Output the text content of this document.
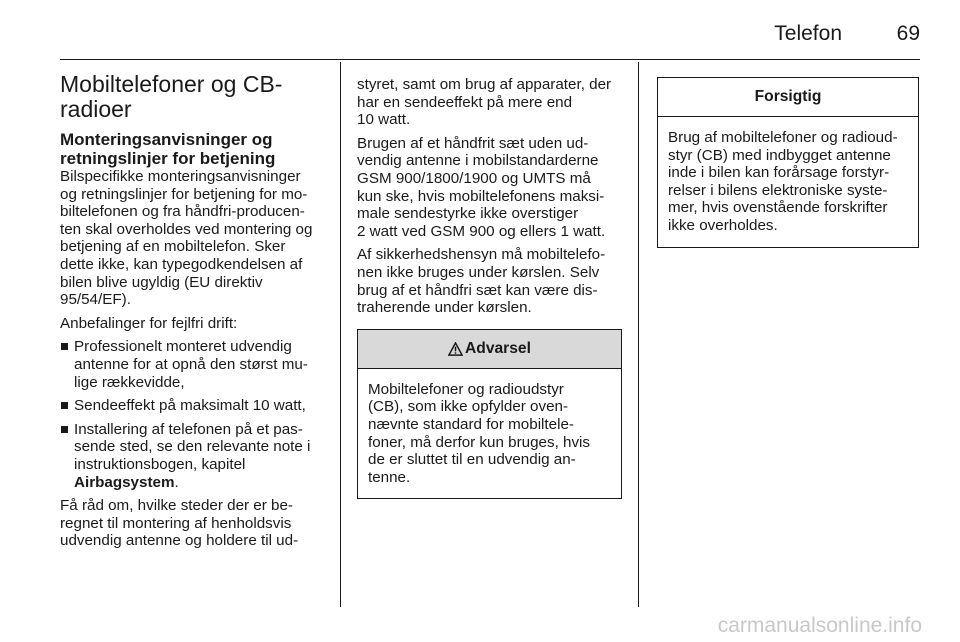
Telefon	69
Mobiltelefoner og CB-
radioer
Monteringsanvisninger og
retningslinjer for betjening
Bilspecifikke monteringsanvisninger
og retningslinjer for betjening for mo-
biltelefonen og fra håndfri-producen-
ten skal overholdes ved montering og
betjening af en mobiltelefon. Sker
dette ikke, kan typegodkendelsen af
bilen blive ugyldig (EU direktiv
95/54/EF).
Anbefalinger for fejlfri drift:
Professionelt monteret udvendig
antenne for at opnå den størst mu-
lige rækkevidde,
Sendeeffekt på maksimalt 10 watt,
Installering af telefonen på et pas-
sende sted, se den relevante note i
instruktionsbogen, kapitel
Airbagsystem.
Få råd om, hvilke steder der er be-
regnet til montering af henholdsvis
udvendig antenne og holdere til ud-
styret, samt om brug af apparater, der
har en sendeeffekt på mere end
10 watt.
Brugen af et håndfrit sæt uden ud-
vendig antenne i mobilstandarderne
GSM 900/1800/1900 og UMTS må
kun ske, hvis mobiltelefonens maksi-
male sendestyrke ikke overstiger
2 watt ved GSM 900 og ellers 1 watt.
Af sikkerhedshensyn må mobiltelefo-
nen ikke bruges under kørslen. Selv
brug af et håndfri sæt kan være dis-
traherende under kørslen.
Advarsel
Mobiltelefoner og radioudstyr
(CB), som ikke opfylder oven-
nævnte standard for mobiltele-
foner, må derfor kun bruges, hvis
de er sluttet til en udvendig an-
tenne.
Forsigtig
Brug af mobiltelefoner og radioud-
styr (CB) med indbygget antenne
inde i bilen kan forårsage forstyr-
relser i bilens elektroniske syste-
mer, hvis ovenstående forskrifter
ikke overholdes.
carmanualsonline.info
